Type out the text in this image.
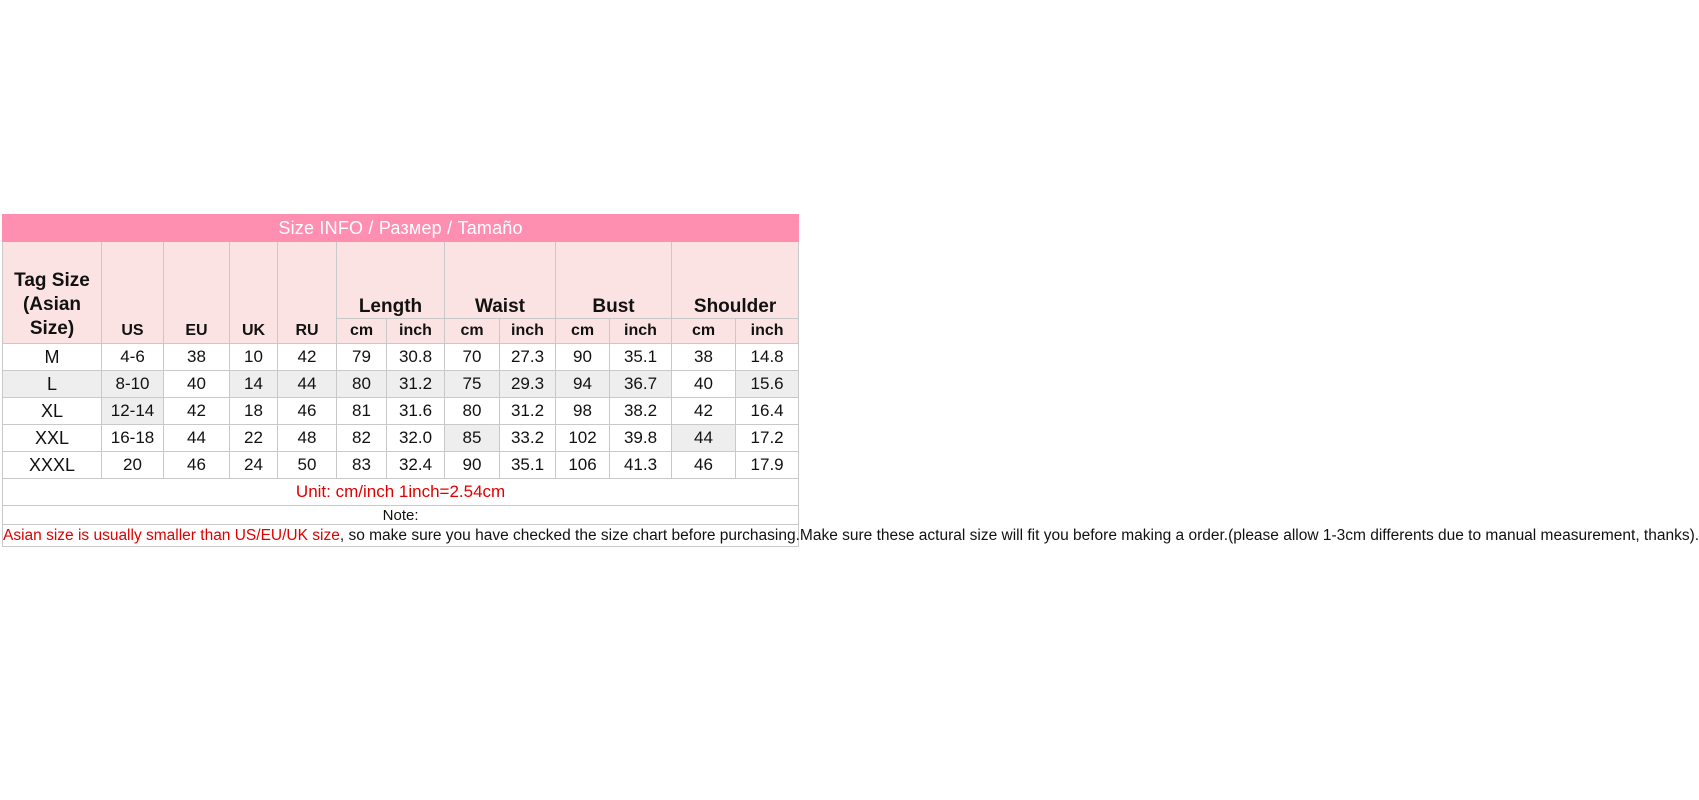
Size INFO / Размер / Tamaño												

Tag Size
(Asian
Size)	US	EU	UK	RU	Length		Waist		Bust		Shoulder	
					cm	inch	cm	inch	cm	inch	cm	inch
M	4-6	38	10	42	79	30.8	70	27.3	90	35.1	38	14.8
L	8-10	40	14	44	80	31.2	75	29.3	94	36.7	40	15.6
XL	12-14	42	18	46	81	31.6	80	31.2	98	38.2	42	16.4
XXL	16-18	44	22	48	82	32.0	85	33.2	102	39.8	44	17.2
XXXL	20	46	24	50	83	32.4	90	35.1	106	41.3	46	17.9
Unit: cm/inch 1inch=2.54cm												
Note:												
Asian size is usually smaller than US/EU/UK size, so make sure you have checked the size chart before purchasing.Make sure these actural size will fit you before making a order.(please allow 1-3cm differents due to manual measurement, thanks).												
